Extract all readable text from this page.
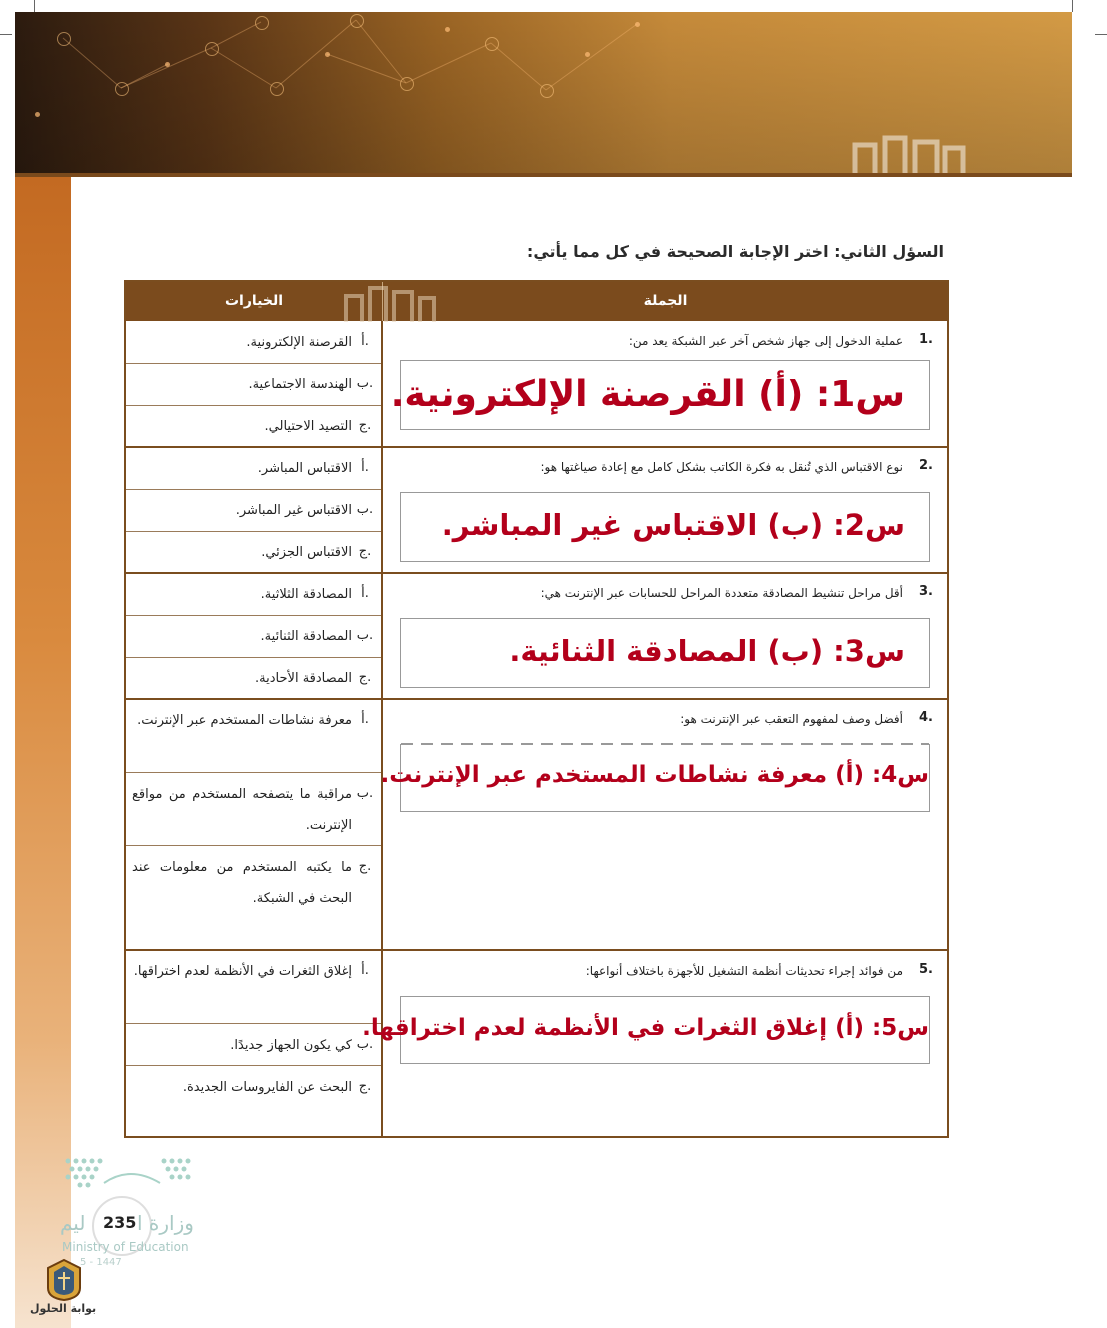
السؤل الثاني: اختر الإجابة الصحيحة في كل مما يأتي:
الخيارات	الجملة
1.
عملية الدخول إلى جهاز شخص آخر عبر الشبكة يعد من:
س1: (أ) القرصنة الإلكترونية.
أ.
القرصنة الإلكترونية.
ب.
الهندسة الاجتماعية.
ج.
التصيد الاحتيالي.
2.
نوع الاقتباس الذي تُنقل به فكرة الكاتب بشكل كامل مع إعادة صياغتها هو:
س2: (ب) الاقتباس غير المباشر.
أ.
الاقتباس المباشر.
ب.
الاقتباس غير المباشر.
ج.
الاقتباس الجزئي.
3.
أقل مراحل تنشيط المصادقة متعددة المراحل للحسابات عبر الإنترنت هي:
س3: (ب) المصادقة الثنائية.
أ.
المصادقة الثلاثية.
ب.
المصادقة الثنائية.
ج.
المصادقة الأحادية.
4.
أفضل وصف لمفهوم التعقب عبر الإنترنت هو:
س4: (أ) معرفة نشاطات المستخدم عبر الإنترنت.
أ.
معرفة نشاطات المستخدم عبر الإنترنت.
ب.
مراقبة ما يتصفحه المستخدم من مواقع الإنترنت.
ج.
ما يكتبه المستخدم من معلومات عند البحث في الشبكة.
5.
من فوائد إجراء تحديثات أنظمة التشغيل للأجهزة باختلاف أنواعها:
س5: (أ) إغلاق الثغرات في الأنظمة لعدم اختراقها.
أ.
إغلاق الثغرات في الأنظمة لعدم اختراقها.
ب.
كي يكون الجهاز جديدًا.
ج.
البحث عن الفايروسات الجديدة.
ليم 235 وزارة ا
Ministry of Education
5 - 1447
بوابة الحلول
